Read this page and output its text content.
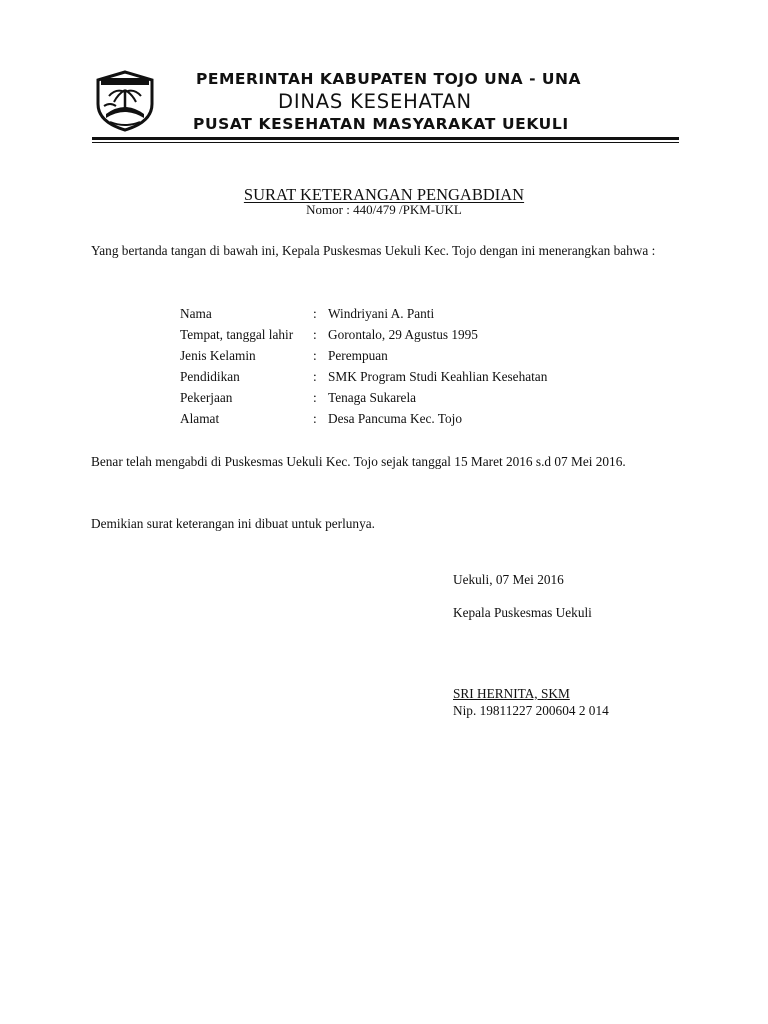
PEMERINTAH KABUPATEN TOJO UNA - UNA
DINAS KESEHATAN
PUSAT KESEHATAN MASYARAKAT UEKULI
SURAT KETERANGAN PENGABDIAN
Nomor : 440/479 /PKM-UKL
Yang bertanda tangan di bawah ini, Kepala Puskesmas Uekuli Kec. Tojo dengan ini menerangkan bahwa :
Nama	: Windriyani A. Panti
Tempat, tanggal lahir	: Gorontalo, 29 Agustus 1995
Jenis Kelamin	: Perempuan
Pendidikan	: SMK Program Studi Keahlian Kesehatan
Pekerjaan	: Tenaga Sukarela
Alamat	: Desa Pancuma Kec. Tojo
Benar telah mengabdi di Puskesmas Uekuli Kec. Tojo sejak tanggal 15 Maret 2016 s.d 07 Mei 2016.
Demikian surat keterangan ini dibuat untuk perlunya.
Uekuli, 07 Mei 2016
Kepala Puskesmas Uekuli
SRI HERNITA, SKM
Nip. 19811227 200604 2 014
